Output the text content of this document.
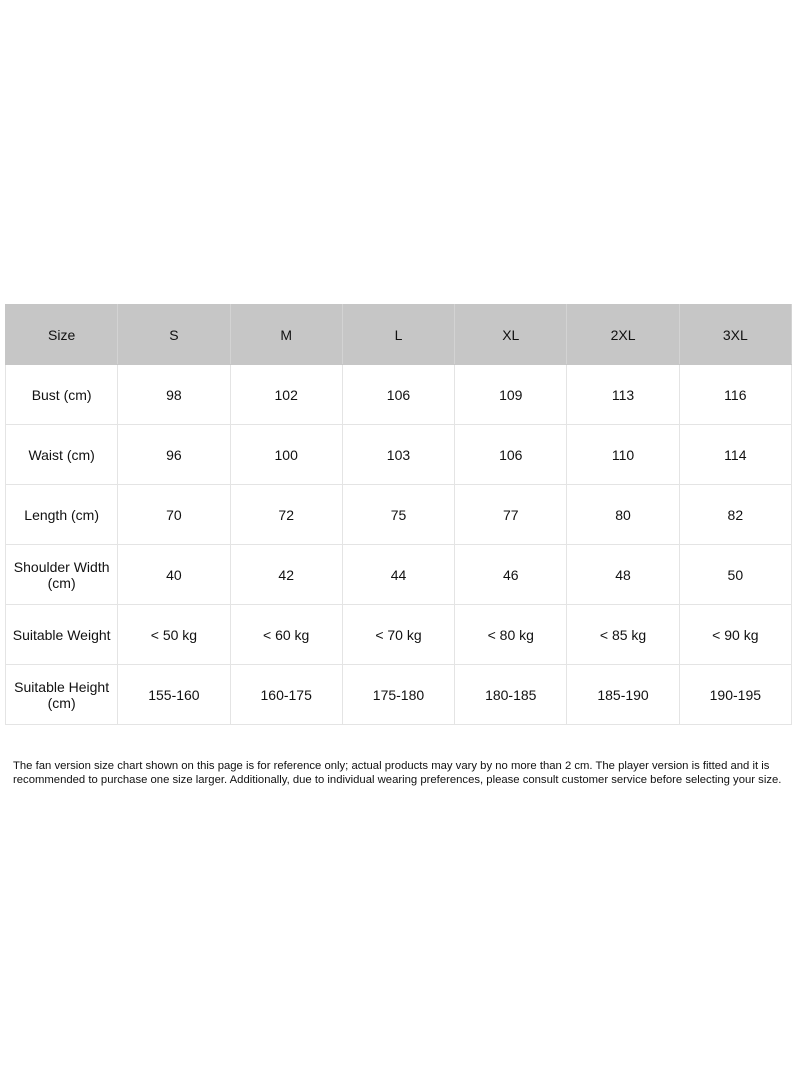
Size	S	M	L	XL	2XL	3XL
Bust (cm)	98	102	106	109	113	116
Waist (cm)	96	100	103	106	110	114
Length (cm)	70	72	75	77	80	82
Shoulder Width (cm)	40	42	44	46	48	50
Suitable Weight	< 50 kg	< 60 kg	< 70 kg	< 80 kg	< 85 kg	< 90 kg
Suitable Height (cm)	155-160	160-175	175-180	180-185	185-190	190-195

The fan version size chart shown on this page is for reference only; actual products may vary by no more than 2 cm. The player version is fitted and it is recommended to purchase one size larger. Additionally, due to individual wearing preferences, please consult customer service before selecting your size.
